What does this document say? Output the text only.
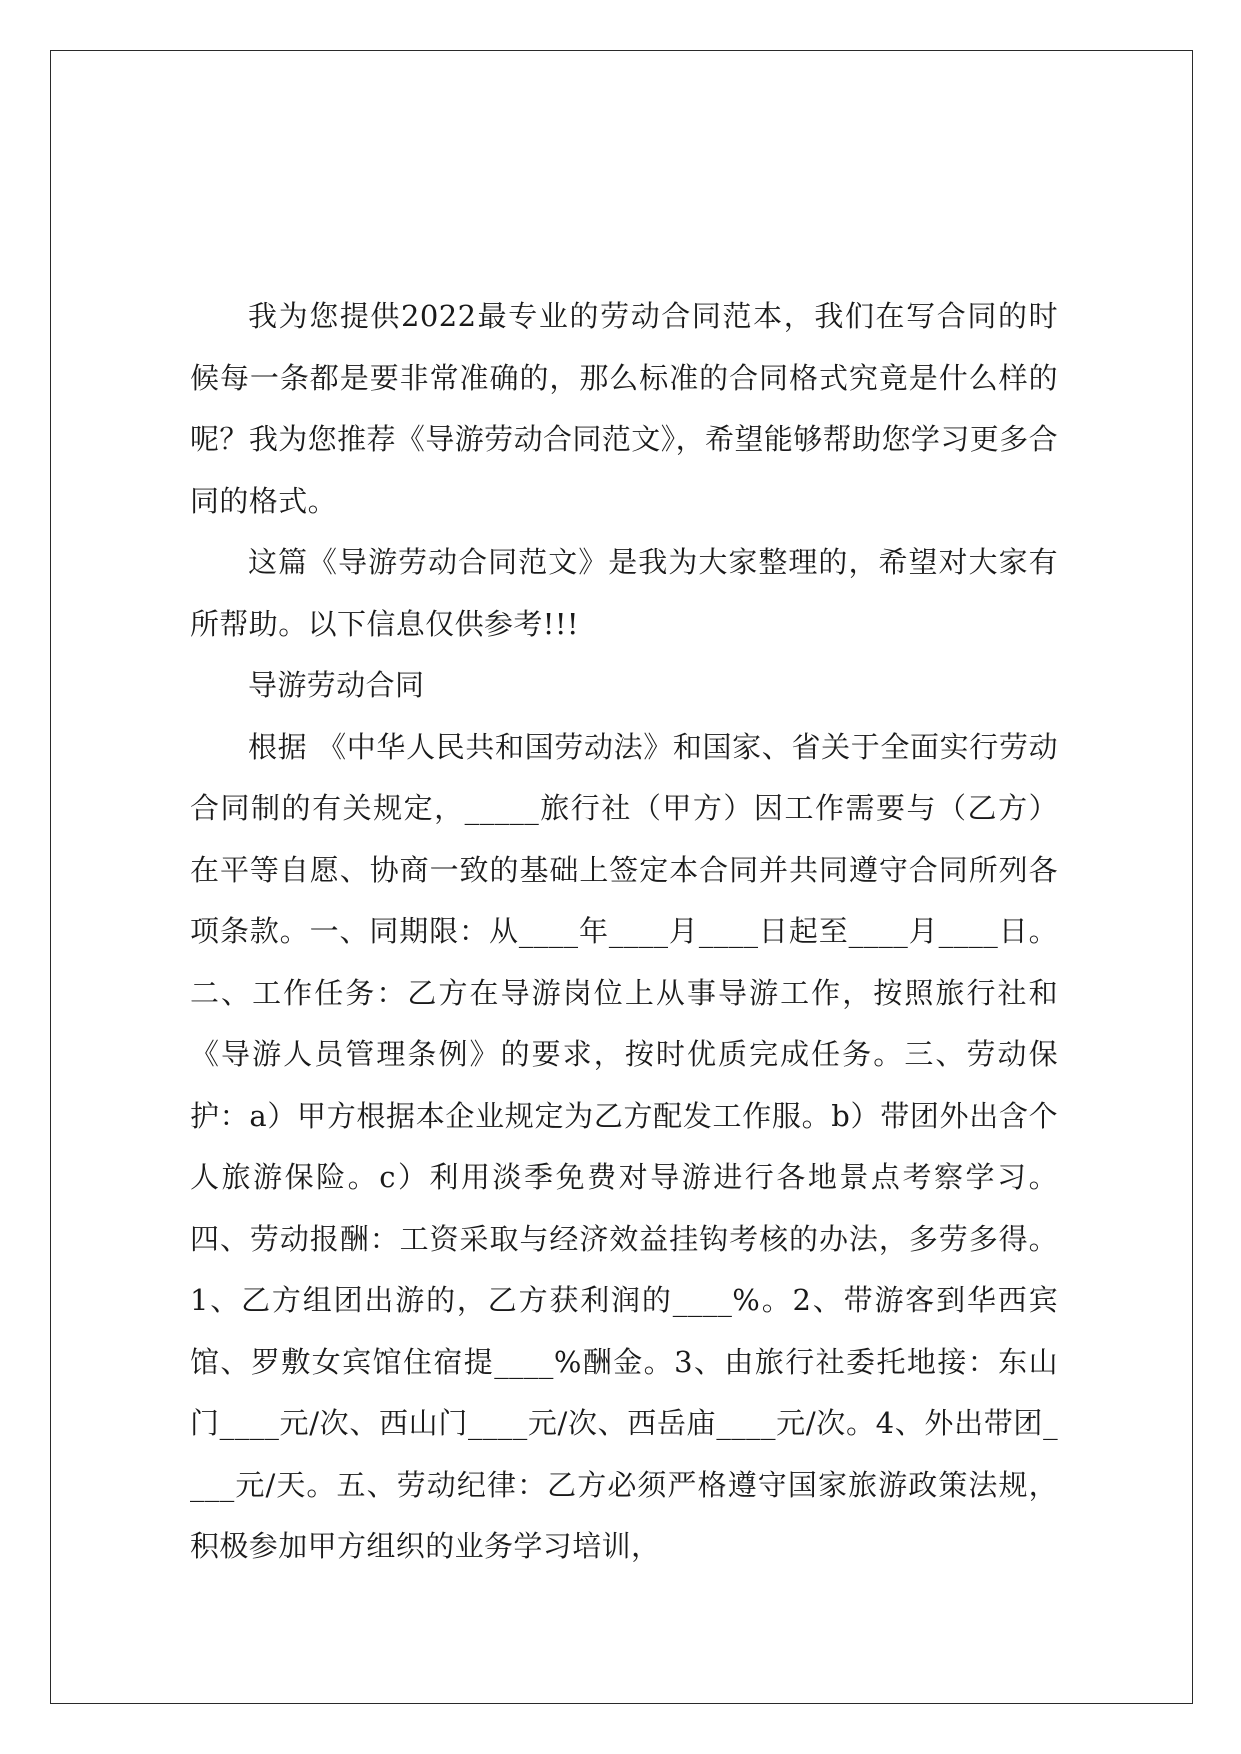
我为您提供2022最专业的劳动合同范本，我们在写合同的时候每一条都是要非常准确的，那么标准的合同格式究竟是什么样的呢？我为您推荐《导游劳动合同范文》，希望能够帮助您学习更多合同的格式。

这篇《导游劳动合同范文》是我为大家整理的，希望对大家有所帮助。以下信息仅供参考!!!

导游劳动合同

根据 《中华人民共和国劳动法》和国家、省关于全面实行劳动合同制的有关规定，_____旅行社（甲方）因工作需要与（乙方）在平等自愿、协商一致的基础上签定本合同并共同遵守合同所列各项条款。一、同期限：从____年____月____日起至____月____日。二、工作任务：乙方在导游岗位上从事导游工作，按照旅行社和《导游人员管理条例》的要求，按时优质完成任务。三、劳动保护：a）甲方根据本企业规定为乙方配发工作服。b）带团外出含个人旅游保险。c）利用淡季免费对导游进行各地景点考察学习。四、劳动报酬：工资采取与经济效益挂钩考核的办法，多劳多得。1、乙方组团出游的，乙方获利润的____%。2、带游客到华西宾馆、罗敷女宾馆住宿提____%酬金。3、由旅行社委托地接：东山门____元/次、西山门____元/次、西岳庙____元/次。4、外出带团____元/天。五、劳动纪律：乙方必须严格遵守国家旅游政策法规，积极参加甲方组织的业务学习培训，
